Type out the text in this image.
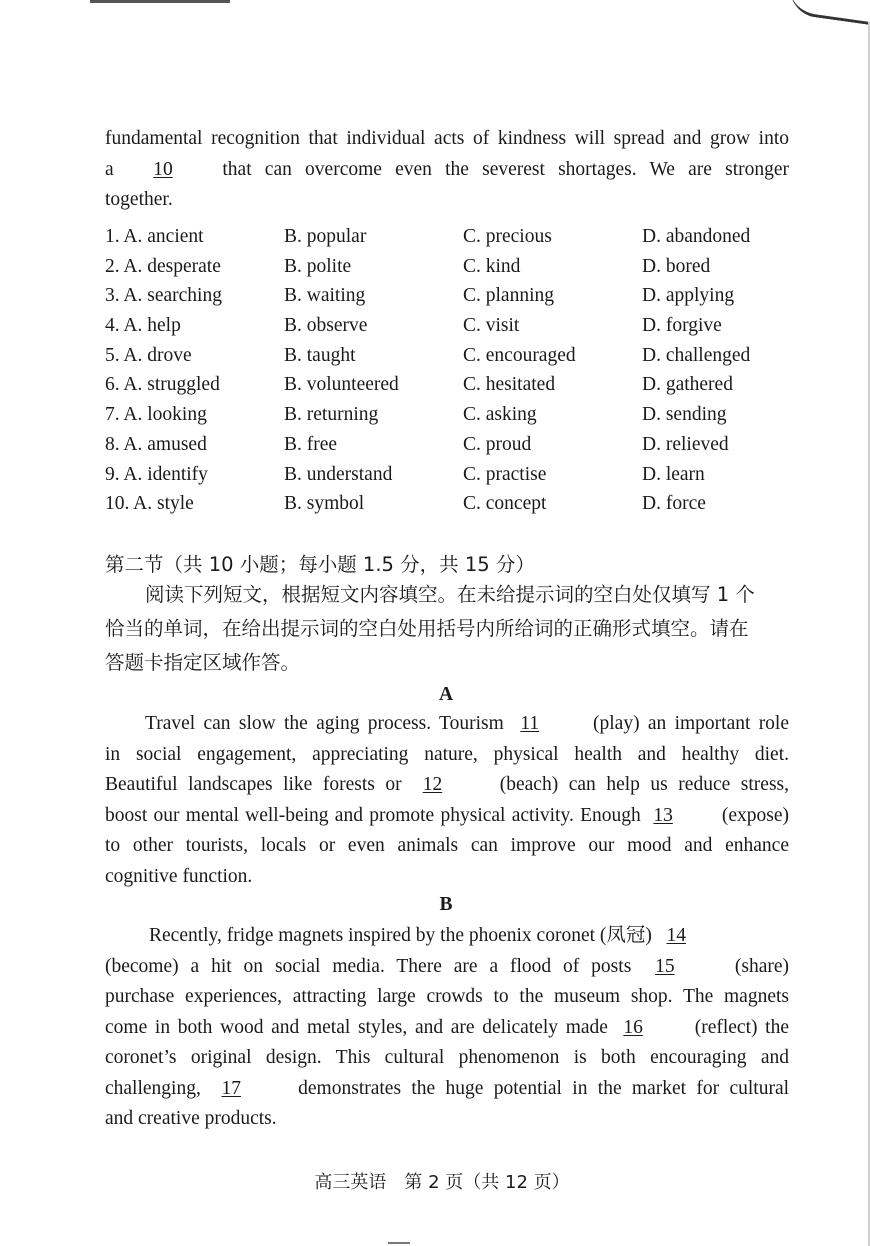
fundamental recognition that individual acts of kindness will spread and grow into
a 10	that can overcome even the severest shortages. We are stronger
together.
1. A. ancient	B. popular	C. precious	D. abandoned
2. A. desperate	B. polite	C. kind	D. bored
3. A. searching	B. waiting	C. planning	D. applying
4. A. help	B. observe	C. visit	D. forgive
5. A. drove	B. taught	C. encouraged	D. challenged
6. A. struggled	B. volunteered	C. hesitated	D. gathered
7. A. looking	B. returning	C. asking	D. sending
8. A. amused	B. free	C. proud	D. relieved
9. A. identify	B. understand	C. practise	D. learn
10. A. style	B. symbol	C. concept	D. force
第二节（共 10 小题；每小题 1.5 分，共 15 分）
阅读下列短文，根据短文内容填空。在未给提示词的空白处仅填写 1 个
恰当的单词，在给出提示词的空白处用括号内所给词的正确形式填空。请在
答题卡指定区域作答。
A
Travel can slow the aging process. Tourism 11	(play) an important role
in social engagement, appreciating nature, physical health and healthy diet.
Beautiful landscapes like forests or 12	(beach) can help us reduce stress,
boost our mental well-being and promote physical activity. Enough 13	(expose)
to other tourists, locals or even animals can improve our mood and enhance
cognitive function.
B
Recently, fridge magnets inspired by the phoenix coronet (凤冠) 14
(become) a hit on social media. There are a flood of posts 15	(share)
purchase experiences, attracting large crowds to the museum shop. The magnets
come in both wood and metal styles, and are delicately made 16	(reflect) the
coronet’s original design. This cultural phenomenon is both encouraging and
challenging, 17	demonstrates the huge potential in the market for cultural
and creative products.
高三英语　第 2 页（共 12 页）
